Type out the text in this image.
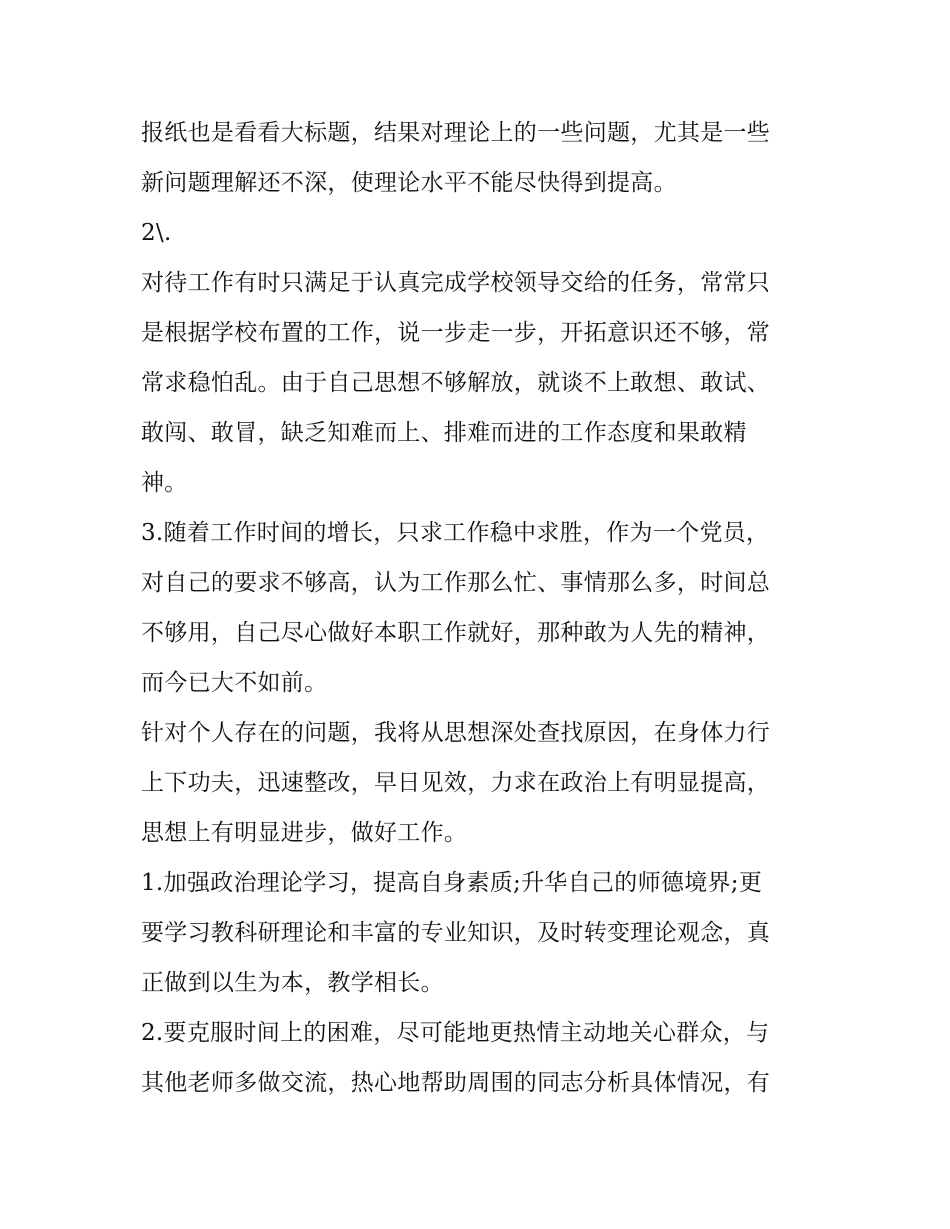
报纸也是看看大标题，结果对理论上的一些问题，尤其是一些
新问题理解还不深，使理论水平不能尽快得到提高。
2\.
对待工作有时只满足于认真完成学校领导交给的任务，常常只
是根据学校布置的工作，说一步走一步，开拓意识还不够，常
常求稳怕乱。由于自己思想不够解放，就谈不上敢想、敢试、
敢闯、敢冒，缺乏知难而上、排难而进的工作态度和果敢精
神。
3.随着工作时间的增长，只求工作稳中求胜，作为一个党员，
对自己的要求不够高，认为工作那么忙、事情那么多，时间总
不够用，自己尽心做好本职工作就好，那种敢为人先的精神，
而今已大不如前。
针对个人存在的问题，我将从思想深处查找原因，在身体力行
上下功夫，迅速整改，早日见效，力求在政治上有明显提高，
思想上有明显进步，做好工作。
1.加强政治理论学习，提高自身素质;升华自己的师德境界;更
要学习教科研理论和丰富的专业知识，及时转变理论观念，真
正做到以生为本，教学相长。
2.要克服时间上的困难，尽可能地更热情主动地关心群众，与
其他老师多做交流，热心地帮助周围的同志分析具体情况，有
